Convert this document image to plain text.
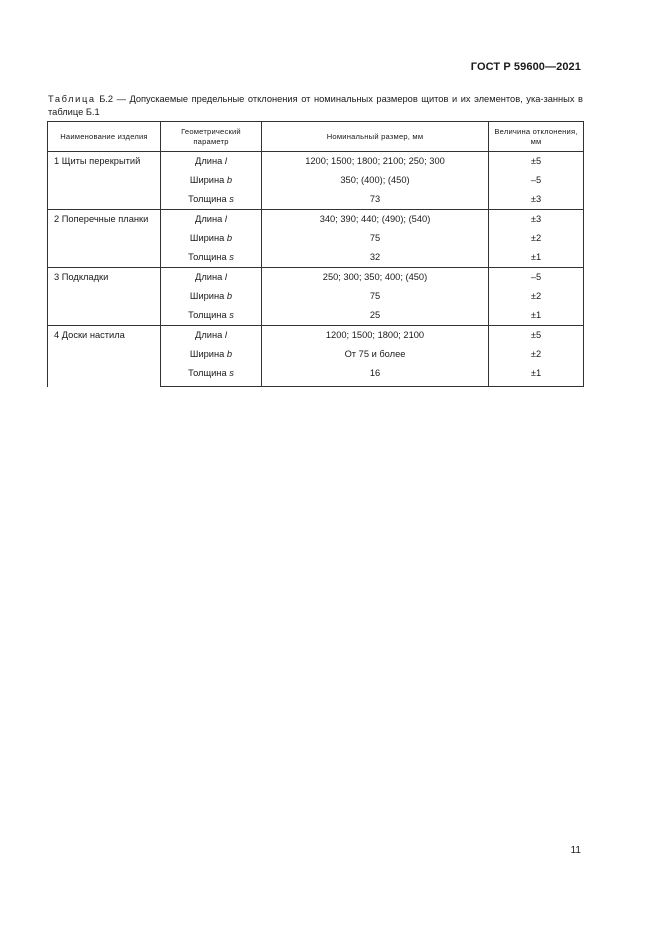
ГОСТ Р 59600—2021
Таблица Б.2 — Допускаемые предельные отклонения от номинальных размеров щитов и их элементов, ука-занных в таблице Б.1
Наименование изделия	Геометрический параметр	Номинальный размер, мм	Величина отклонения, мм
1 Щиты перекрытий	Длина l	1200; 1500; 1800; 2100; 250; 300	±5
	Ширина b	350; (400); (450)	–5
	Толщина s	73	±3
2 Поперечные планки	Длина l	340; 390; 440; (490); (540)	±3
	Ширина b	75	±2
	Толщина s	32	±1
3 Подкладки	Длина l	250; 300; 350; 400; (450)	–5
	Ширина b	75	±2
	Толщина s	25	±1
4 Доски настила	Длина l	1200; 1500; 1800; 2100	±5
	Ширина b	От 75 и более	±2
	Толщина s	16	±1
11
